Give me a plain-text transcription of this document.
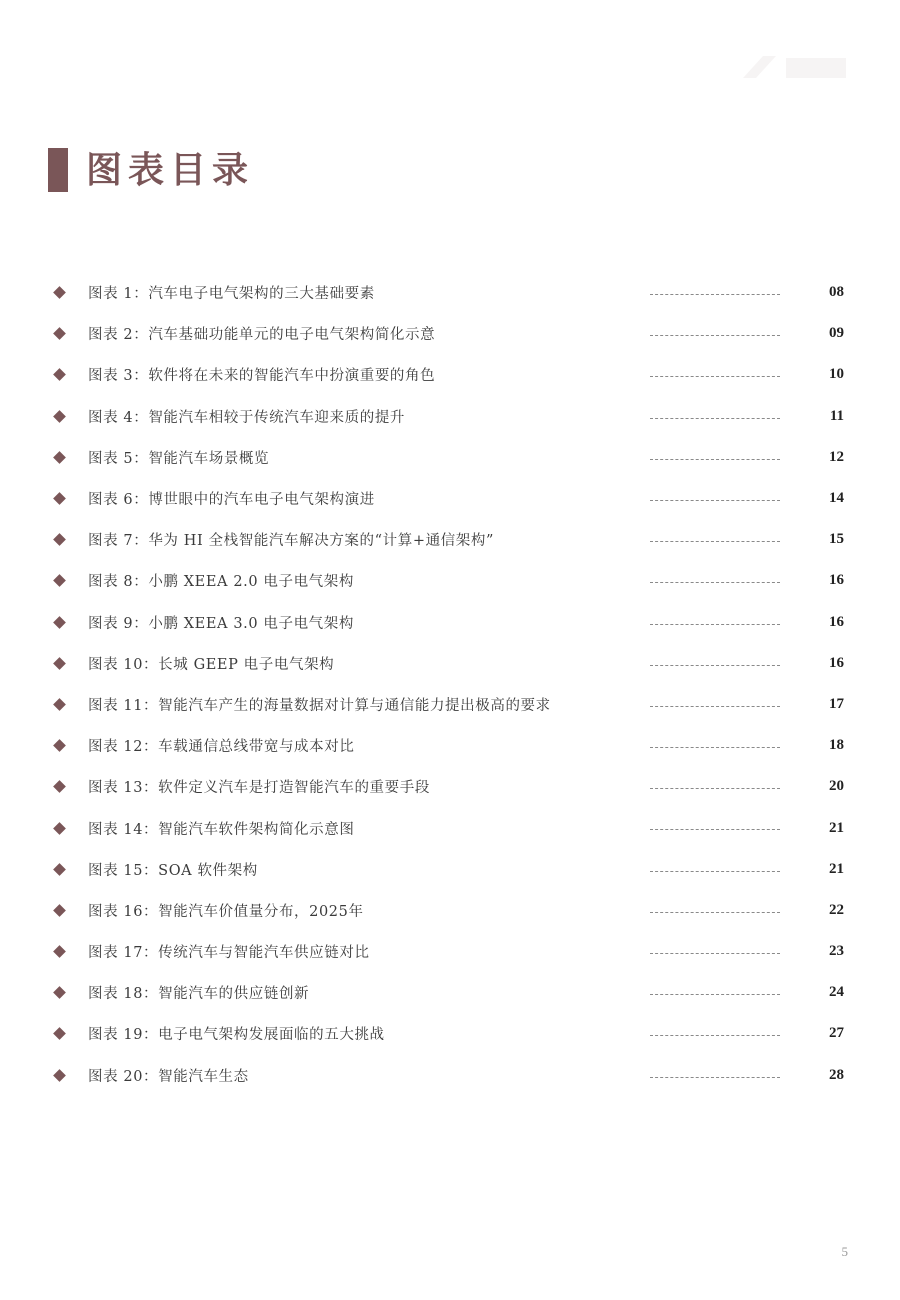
图表目录
图表 1：汽车电子电气架构的三大基础要素	08
图表 2：汽车基础功能单元的电子电气架构简化示意	09
图表 3：软件将在未来的智能汽车中扮演重要的角色	10
图表 4：智能汽车相较于传统汽车迎来质的提升	11
图表 5：智能汽车场景概览	12
图表 6：博世眼中的汽车电子电气架构演进	14
图表 7：华为 HI 全栈智能汽车解决方案的“计算+通信架构”	15
图表 8：小鹏 XEEA 2.0 电子电气架构	16
图表 9：小鹏 XEEA 3.0 电子电气架构	16
图表 10：长城 GEEP 电子电气架构	16
图表 11：智能汽车产生的海量数据对计算与通信能力提出极高的要求	17
图表 12：车载通信总线带宽与成本对比	18
图表 13：软件定义汽车是打造智能汽车的重要手段	20
图表 14：智能汽车软件架构简化示意图	21
图表 15：SOA 软件架构	21
图表 16：智能汽车价值量分布，2025年	22
图表 17：传统汽车与智能汽车供应链对比	23
图表 18：智能汽车的供应链创新	24
图表 19：电子电气架构发展面临的五大挑战	27
图表 20：智能汽车生态	28
5
